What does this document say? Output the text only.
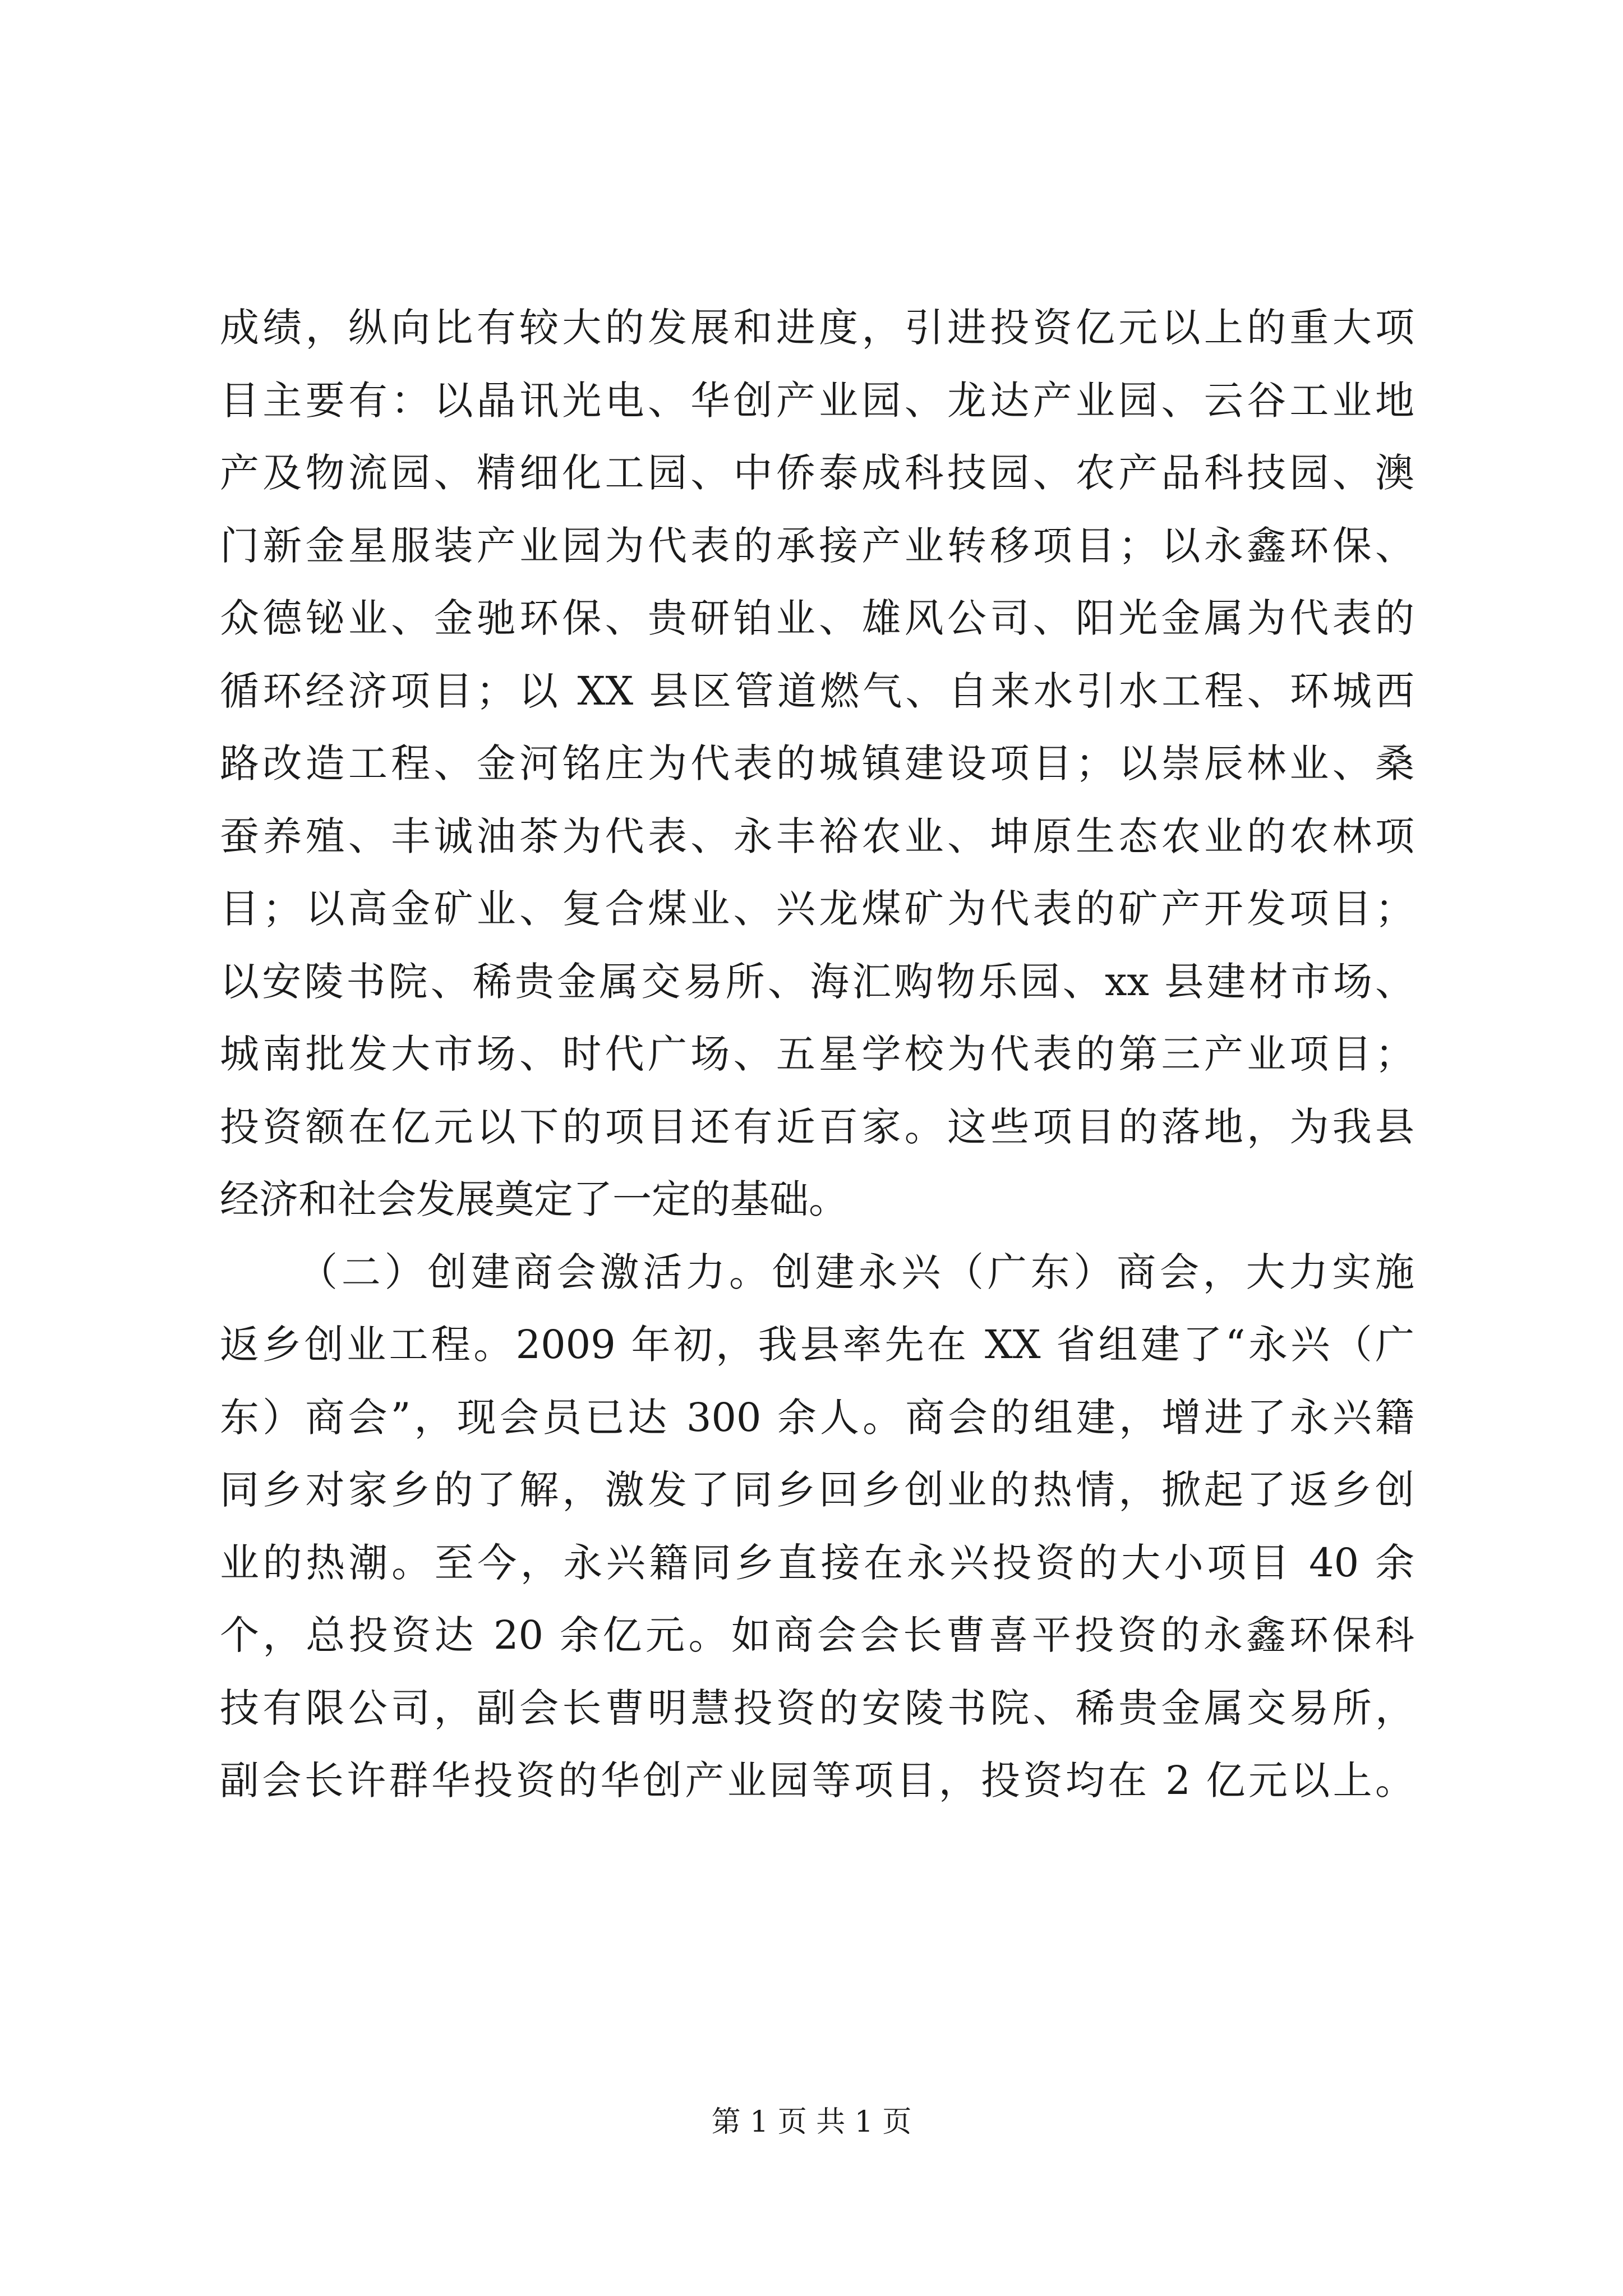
成绩，纵向比有较大的发展和进度，引进投资亿元以上的重大项
目主要有：以晶讯光电、华创产业园、龙达产业园、云谷工业地
产及物流园、精细化工园、中侨泰成科技园、农产品科技园、澳
门新金星服装产业园为代表的承接产业转移项目；以永鑫环保、
众德铋业、金驰环保、贵研铂业、雄风公司、阳光金属为代表的
循环经济项目；以 XX 县区管道燃气、自来水引水工程、环城西
路改造工程、金河铭庄为代表的城镇建设项目；以崇辰林业、桑
蚕养殖、丰诚油茶为代表、永丰裕农业、坤原生态农业的农林项
目；以高金矿业、复合煤业、兴龙煤矿为代表的矿产开发项目；
以安陵书院、稀贵金属交易所、海汇购物乐园、xx 县建材市场、
城南批发大市场、时代广场、五星学校为代表的第三产业项目；
投资额在亿元以下的项目还有近百家。这些项目的落地，为我县
经济和社会发展奠定了一定的基础。
（二）创建商会激活力。创建永兴（广东）商会，大力实施
返乡创业工程。2009 年初，我县率先在 XX 省组建了“永兴（广
东）商会”，现会员已达 300 余人。商会的组建，增进了永兴籍
同乡对家乡的了解，激发了同乡回乡创业的热情，掀起了返乡创
业的热潮。至今，永兴籍同乡直接在永兴投资的大小项目 40 余
个，总投资达 20 余亿元。如商会会长曹喜平投资的永鑫环保科
技有限公司，副会长曹明慧投资的安陵书院、稀贵金属交易所，
副会长许群华投资的华创产业园等项目，投资均在 2 亿元以上。
第 1 页 共 1 页
